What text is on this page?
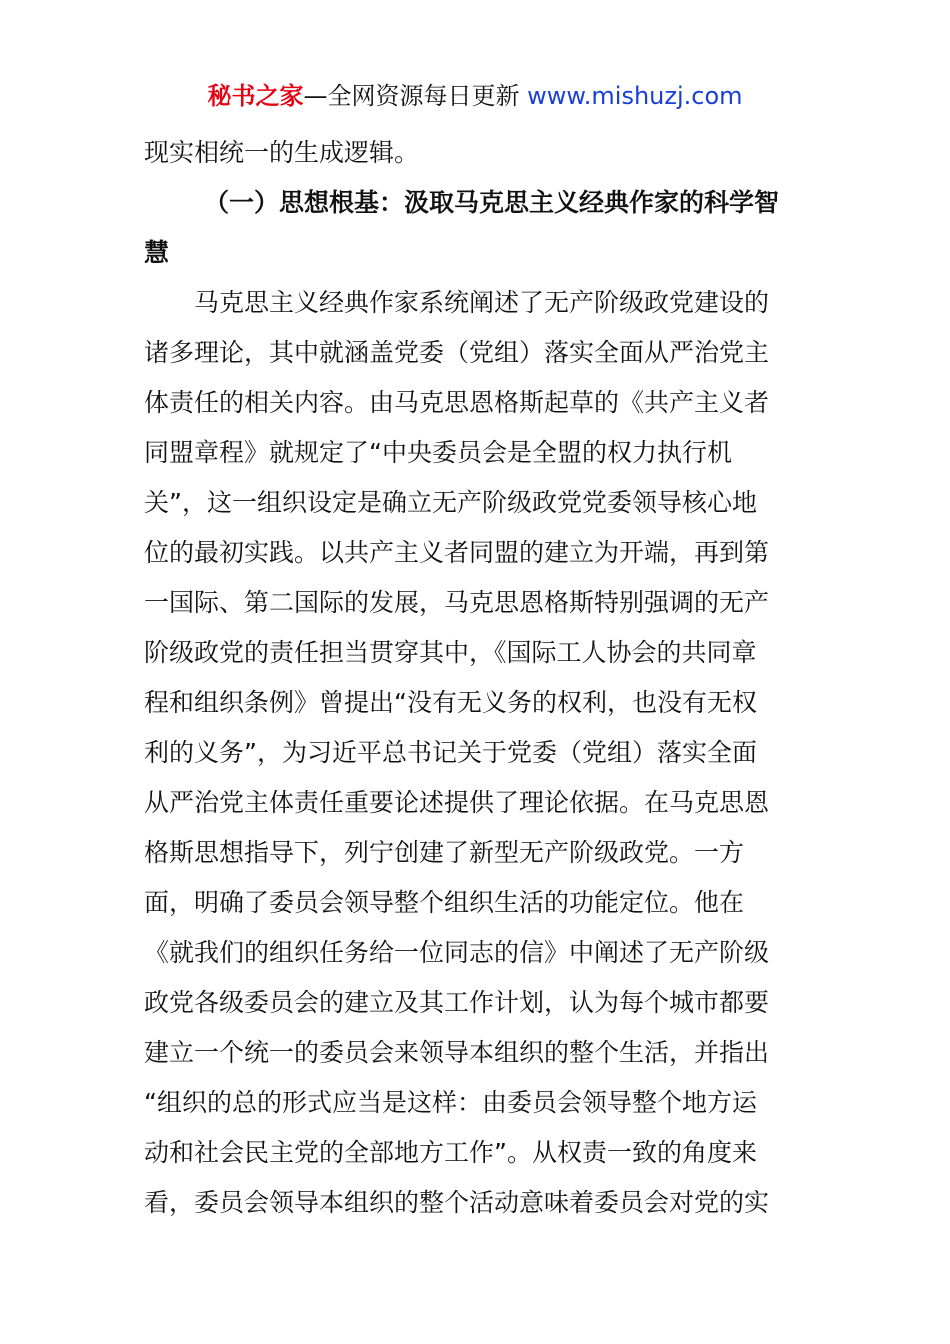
秘书之家—全网资源每日更新 www.mishuzj.com
现实相统一的生成逻辑。
（一）思想根基：汲取马克思主义经典作家的科学智
慧
马克思主义经典作家系统阐述了无产阶级政党建设的
诸多理论，其中就涵盖党委（党组）落实全面从严治党主
体责任的相关内容。由马克思恩格斯起草的《共产主义者
同盟章程》就规定了“中央委员会是全盟的权力执行机
关”，这一组织设定是确立无产阶级政党党委领导核心地
位的最初实践。以共产主义者同盟的建立为开端，再到第
一国际、第二国际的发展，马克思恩格斯特别强调的无产
阶级政党的责任担当贯穿其中，《国际工人协会的共同章
程和组织条例》曾提出“没有无义务的权利，也没有无权
利的义务”，为习近平总书记关于党委（党组）落实全面
从严治党主体责任重要论述提供了理论依据。在马克思恩
格斯思想指导下，列宁创建了新型无产阶级政党。一方
面，明确了委员会领导整个组织生活的功能定位。他在
《就我们的组织任务给一位同志的信》中阐述了无产阶级
政党各级委员会的建立及其工作计划，认为每个城市都要
建立一个统一的委员会来领导本组织的整个生活，并指出
“组织的总的形式应当是这样：由委员会领导整个地方运
动和社会民主党的全部地方工作”。从权责一致的角度来
看，委员会领导本组织的整个活动意味着委员会对党的实
